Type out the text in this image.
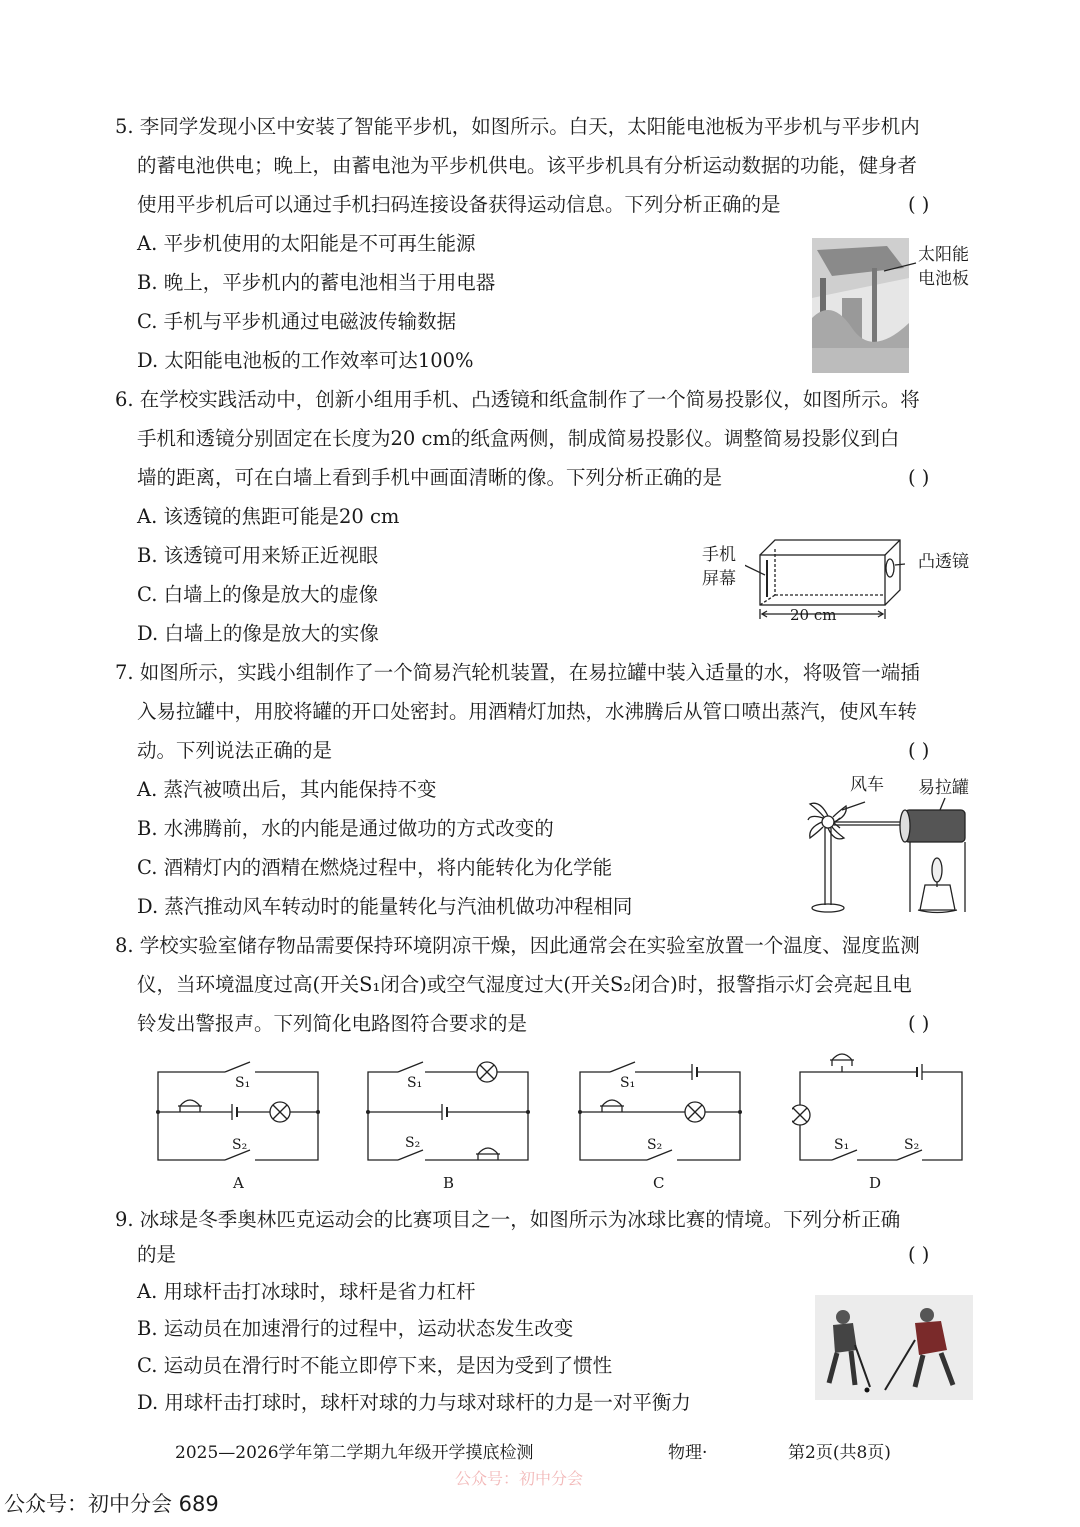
5. 李同学发现小区中安装了智能平步机，如图所示。白天，太阳能电池板为平步机与平步机内
的蓄电池供电；晚上，由蓄电池为平步机供电。该平步机具有分析运动数据的功能，健身者
使用平步机后可以通过手机扫码连接设备获得运动信息。下列分析正确的是	( )
A. 平步机使用的太阳能是不可再生能源
B. 晚上，平步机内的蓄电池相当于用电器
C. 手机与平步机通过电磁波传输数据
D. 太阳能电池板的工作效率可达100%
太阳能
电池板
6. 在学校实践活动中，创新小组用手机、凸透镜和纸盒制作了一个简易投影仪，如图所示。将
手机和透镜分别固定在长度为20 cm的纸盒两侧，制成简易投影仪。调整简易投影仪到白
墙的距离，可在白墙上看到手机中画面清晰的像。下列分析正确的是	( )
A. 该透镜的焦距可能是20 cm
B. 该透镜可用来矫正近视眼
C. 白墙上的像是放大的虚像
D. 白墙上的像是放大的实像
手机
屏幕
凸透镜
20 cm
7. 如图所示，实践小组制作了一个简易汽轮机装置，在易拉罐中装入适量的水，将吸管一端插
入易拉罐中，用胶将罐的开口处密封。用酒精灯加热，水沸腾后从管口喷出蒸汽，使风车转
动。下列说法正确的是	( )
A. 蒸汽被喷出后，其内能保持不变
B. 水沸腾前，水的内能是通过做功的方式改变的
C. 酒精灯内的酒精在燃烧过程中，将内能转化为化学能
D. 蒸汽推动风车转动时的能量转化与汽油机做功冲程相同
风车 易拉罐
8. 学校实验室储存物品需要保持环境阴凉干燥，因此通常会在实验室放置一个温度、湿度监测
仪，当环境温度过高(开关S₁闭合)或空气湿度过大(开关S₂闭合)时，报警指示灯会亮起且电
铃发出警报声。下列简化电路图符合要求的是	( )
S₁
S₂
A
S₁
S₂
B
S₁
S₂
C
S₁	S₂
D
9. 冰球是冬季奥林匹克运动会的比赛项目之一，如图所示为冰球比赛的情境。下列分析正确
的是	( )
A. 用球杆击打冰球时，球杆是省力杠杆
B. 运动员在加速滑行的过程中，运动状态发生改变
C. 运动员在滑行时不能立即停下来，是因为受到了惯性
D. 用球杆击打球时，球杆对球的力与球对球杆的力是一对平衡力
2025—2026学年第二学期九年级开学摸底检测	物理·	第2页(共8页)
公众号：初中分会
公众号：初中分会 689
